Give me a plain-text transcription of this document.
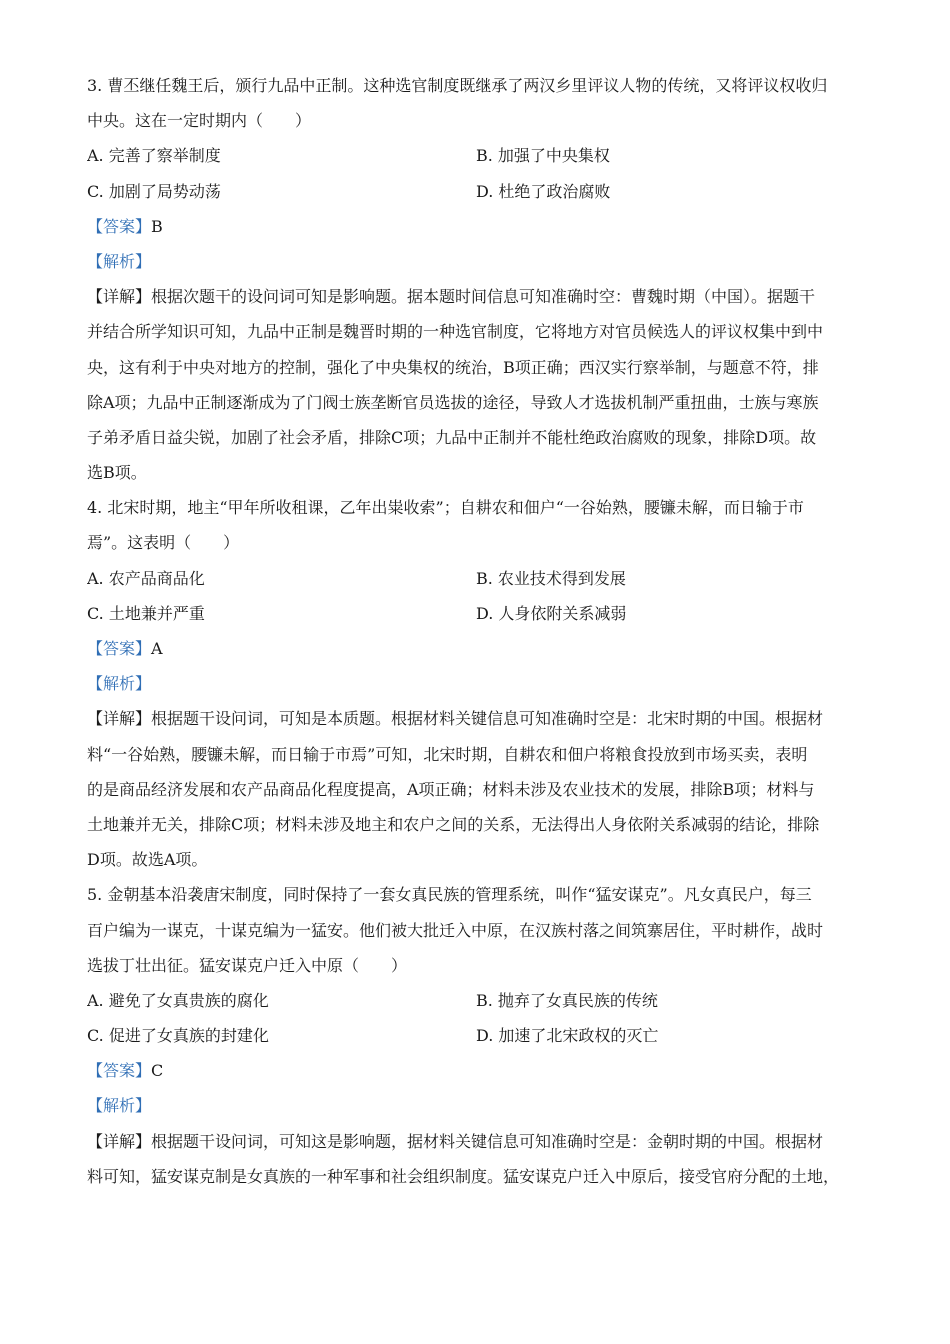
3. 曹丕继任魏王后，颁行九品中正制。这种选官制度既继承了两汉乡里评议人物的传统，又将评议权收归
中央。这在一定时期内（　　）
A. 完善了察举制度	B. 加强了中央集权
C. 加剧了局势动荡	D. 杜绝了政治腐败
【答案】B
【解析】
【详解】根据次题干的设问词可知是影响题。据本题时间信息可知准确时空：曹魏时期（中国）。据题干
并结合所学知识可知，九品中正制是魏晋时期的一种选官制度，它将地方对官员候选人的评议权集中到中
央，这有利于中央对地方的控制，强化了中央集权的统治，B项正确；西汉实行察举制，与题意不符，排
除A项；九品中正制逐渐成为了门阀士族垄断官员选拔的途径，导致人才选拔机制严重扭曲，士族与寒族
子弟矛盾日益尖锐，加剧了社会矛盾，排除C项；九品中正制并不能杜绝政治腐败的现象，排除D项。故
选B项。
4. 北宋时期，地主“甲年所收租课，乙年出粜收索”；自耕农和佃户“一谷始熟，腰镰未解，而日输于市
焉”。这表明（　　）
A. 农产品商品化	B. 农业技术得到发展
C. 土地兼并严重	D. 人身依附关系减弱
【答案】A
【解析】
【详解】根据题干设问词，可知是本质题。根据材料关键信息可知准确时空是：北宋时期的中国。根据材
料“一谷始熟，腰镰未解，而日输于市焉”可知，北宋时期，自耕农和佃户将粮食投放到市场买卖，表明
的是商品经济发展和农产品商品化程度提高，A项正确；材料未涉及农业技术的发展，排除B项；材料与
土地兼并无关，排除C项；材料未涉及地主和农户之间的关系，无法得出人身依附关系减弱的结论，排除
D项。故选A项。
5. 金朝基本沿袭唐宋制度，同时保持了一套女真民族的管理系统，叫作“猛安谋克”。凡女真民户，每三
百户编为一谋克，十谋克编为一猛安。他们被大批迁入中原，在汉族村落之间筑寨居住，平时耕作，战时
选拔丁壮出征。猛安谋克户迁入中原（　　）
A. 避免了女真贵族的腐化	B. 抛弃了女真民族的传统
C. 促进了女真族的封建化	D. 加速了北宋政权的灭亡
【答案】C
【解析】
【详解】根据题干设问词，可知这是影响题，据材料关键信息可知准确时空是：金朝时期的中国。根据材
料可知，猛安谋克制是女真族的一种军事和社会组织制度。猛安谋克户迁入中原后，接受官府分配的土地，
